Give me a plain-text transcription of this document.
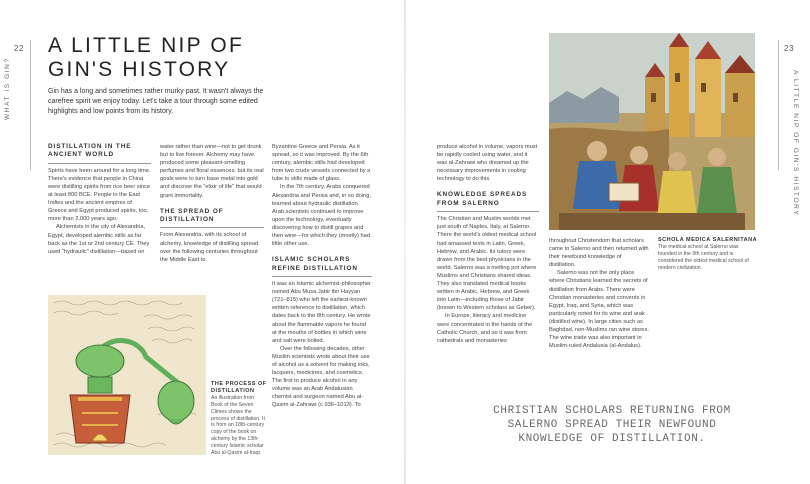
22	23
WHAT IS GIN?	A LITTLE NIP OF GIN'S HISTORY
A LITTLE NIP OF
GIN'S HISTORY
Gin has a long and sometimes rather murky past. It wasn't always the carefree spirit we enjoy today. Let's take a tour through some edited highlights and low points from its history.
DISTILLATION IN THE
ANCIENT WORLD

Spirits have been around for a long time. There's evidence that people in China were distilling spirits from rice beer since at least 800 BCE. People in the East Indies and the ancient empires of Greece and Egypt produced spirits, too, more than 2,000 years ago.

Alchemists in the city of Alexandria, Egypt, developed alembic stills as far back as the 1st or 2nd century CE. They used "hydraulic" distillation—based on

water rather than wine—not to get drunk but to live forever. Alchemy may have produced some pleasant-smelling perfumes and floral essences, but its real goals were to turn base metal into gold and discover the "elixir of life" that would grant immortality.

THE SPREAD OF
DISTILLATION

From Alexandria, with its school of alchemy, knowledge of distilling spread over the following centuries throughout the Middle East to

Byzantine Greece and Persia. As it spread, so it was improved. By the 6th century, alembic stills had developed from two crude vessels connected by a tube to stills made of glass.

In the 7th century, Arabs conquered Alexandria and Persia and, in so doing, learned about hydraulic distillation. Arab scientists continued to improve upon the technology, eventually discovering how to distill grapes and then wine—for which they (mostly) had little other use.

ISLAMIC SCHOLARS
REFINE DISTILLATION

It was an Islamic alchemist-philosopher named Abu Musa Jabir ibn Hayyan (721–815) who left the earliest-known written reference to distillation, which dates back to the 8th century. He wrote about the flammable vapors he found at the mouths of bottles in which wine and salt were boiled.

Over the following decades, other Muslim scientists wrote about their use of alcohol as a solvent for making inks, lacquers, medicines, and cosmetics. The first to produce alcohol in any volume was an Arab Andalusian chemist and surgeon named Abu al-Qasim al-Zahrawi (c.936–1013). To

produce alcohol in volume, vapors must be rapidly cooled using water, and it was al-Zahrawi who dreamed up the necessary improvements in cooling technology to do this.

KNOWLEDGE SPREADS
FROM SALERNO

The Christian and Muslim worlds met just south of Naples, Italy, at Salerno. There the world's oldest medical school had amassed texts in Latin, Greek, Hebrew, and Arabic. Its tutors were drawn from the best physicians in the world. Salerno was a melting pot where Muslims and Christians shared ideas. They also translated medical books written in Arabic, Hebrew, and Greek into Latin—including those of Jabir (known to Western scholars as Geber).

In Europe, literacy and medicine were concentrated in the hands of the Catholic Church, and so it was from cathedrals and monasteries

throughout Christendom that scholars came to Salerno and then returned with their newfound knowledge of distillation.

Salerno was not the only place where Christians learned the secrets of distillation from Arabs. There were Christian monasteries and convents in Egypt, Iraq, and Syria, which was particularly noted for its wine and arak (distilled wine). In large cities such as Baghdad, non-Muslims ran wine stores. The wine trade was also important in Muslim-ruled Andalusia (al-Andalus).

THE PROCESS OF
DISTILLATION
An illustration from Book of the Seven Climes shows the process of distillation. It is from an 18th-century copy of the book on alchemy by the 13th-century Islamic scholar Abu al-Qasim al-Iraqi.
SCHOLA MEDICA SALERNITANA
The medical school at Salerno was founded in the 9th century and is considered the oldest medical school of modern civilization.
CHRISTIAN SCHOLARS RETURNING FROM SALERNO SPREAD THEIR NEWFOUND KNOWLEDGE OF DISTILLATION.
